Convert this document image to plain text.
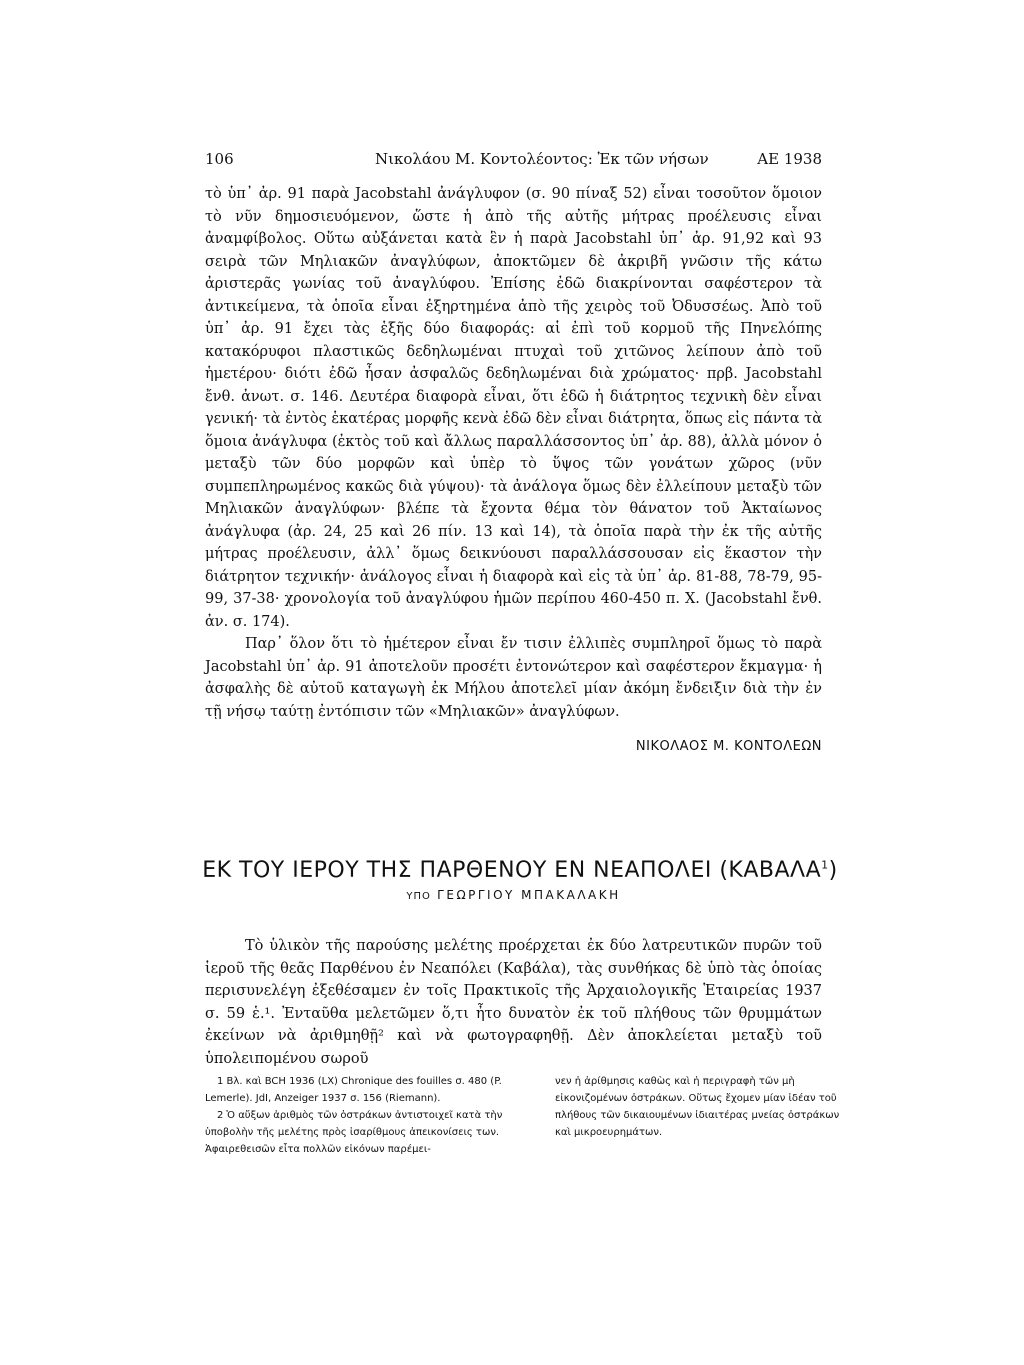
106	Νικολάου Μ. Κοντολέοντος: Ἐκ τῶν νήσων	ΑΕ 1938

τὸ ὑπ᾽ ἀρ. 91 παρὰ Jacobstahl ἀνάγλυφον (σ. 90 πίναξ 52) εἶναι τοσοῦτον ὅμοιον τὸ νῦν δημοσιευόμενον, ὥστε ἡ ἀπὸ τῆς αὐτῆς μήτρας προέλευσις εἶναι ἀναμφίβολος. Οὕτω αὐξάνεται κατὰ ἓν ἡ παρὰ Jacobstahl ὑπ᾽ ἀρ. 91,92 καὶ 93 σειρὰ τῶν Μηλιακῶν ἀναγλύφων, ἀποκτῶμεν δὲ ἀκριβῆ γνῶσιν τῆς κάτω ἀριστερᾶς γωνίας τοῦ ἀναγλύφου. Ἐπίσης ἐδῶ διακρίνονται σαφέστερον τὰ ἀντικείμενα, τὰ ὁποῖα εἶναι ἐξηρτημένα ἀπὸ τῆς χειρὸς τοῦ Ὀδυσσέως. Ἀπὸ τοῦ ὑπ᾽ ἀρ. 91 ἔχει τὰς ἑξῆς δύο διαφοράς: αἱ ἐπὶ τοῦ κορμοῦ τῆς Πηνελόπης κατακόρυφοι πλαστικῶς δεδηλωμέναι πτυχαὶ τοῦ χιτῶνος λείπουν ἀπὸ τοῦ ἡμετέρου· διότι ἐδῶ ἦσαν ἀσφαλῶς δεδηλωμέναι διὰ χρώματος· πρβ. Jacobstahl ἔνθ. ἀνωτ. σ. 146. Δευτέρα διαφορὰ εἶναι, ὅτι ἐδῶ ἡ διάτρητος τεχνικὴ δὲν εἶναι γενική· τὰ ἐντὸς ἑκατέρας μορφῆς κενὰ ἐδῶ δὲν εἶναι διάτρητα, ὅπως εἰς πάντα τὰ ὅμοια ἀνάγλυφα (ἐκτὸς τοῦ καὶ ἄλλως παραλλάσσοντος ὑπ᾽ ἀρ. 88), ἀλλὰ μόνον ὁ μεταξὺ τῶν δύο μορφῶν καὶ ὑπὲρ τὸ ὕψος τῶν γονάτων χῶρος (νῦν συμπεπληρωμένος κακῶς διὰ γύψου)· τὰ ἀνάλογα ὅμως δὲν ἐλλείπουν μεταξὺ τῶν Μηλιακῶν ἀναγλύφων· βλέπε τὰ ἔχοντα θέμα τὸν θάνατον τοῦ Ἀκταίωνος ἀνάγλυφα (ἀρ. 24, 25 καὶ 26 πίν. 13 καὶ 14), τὰ ὁποῖα παρὰ τὴν ἐκ τῆς αὐτῆς μήτρας προέλευσιν, ἀλλ᾽ ὅμως δεικνύουσι παραλλάσσουσαν εἰς ἕκαστον τὴν διάτρητον τεχνικήν· ἀνάλογος εἶναι ἡ διαφορὰ καὶ εἰς τὰ ὑπ᾽ ἀρ. 81-88, 78-79, 95-99, 37-38· χρονολογία τοῦ ἀναγλύφου ἡμῶν περίπου 460-450 π. Χ. (Jacobstahl ἔνθ. ἀν. σ. 174).

Παρ᾽ ὅλον ὅτι τὸ ἡμέτερον εἶναι ἔν τισιν ἐλλιπὲς συμπληροῖ ὅμως τὸ παρὰ Jacobstahl ὑπ᾽ ἀρ. 91 ἀποτελοῦν προσέτι ἐντονώτερον καὶ σαφέστερον ἔκμαγμα· ἡ ἀσφαλὴς δὲ αὐτοῦ καταγωγὴ ἐκ Μήλου ἀποτελεῖ μίαν ἀκόμη ἔνδειξιν διὰ τὴν ἐν τῇ νήσῳ ταύτῃ ἐντόπισιν τῶν «Μηλιακῶν» ἀναγλύφων.

ΝΙΚΟΛΑΟΣ Μ. ΚΟΝΤΟΛΕΩΝ
ΕΚ ΤΟΥ ΙΕΡΟΥ ΤΗΣ ΠΑΡΘΕΝΟΥ ΕΝ ΝΕΑΠΟΛΕΙ (ΚΑΒΑΛΑ$^1$)
ΥΠΟ ΓΕΩΡΓΙΟΥ ΜΠΑΚΑΛΑΚΗ

Τὸ ὑλικὸν τῆς παρούσης μελέτης προέρχεται ἐκ δύο λατρευτικῶν πυρῶν τοῦ ἱεροῦ τῆς θεᾶς Παρθένου ἐν Νεαπόλει (Καβάλα), τὰς συνθήκας δὲ ὑπὸ τὰς ὁποίας περισυνελέγη ἐξεθέσαμεν ἐν τοῖς Πρακτικοῖς τῆς Ἀρχαιολογικῆς Ἑταιρείας 1937 σ. 59 ἑ.¹. Ἐνταῦθα μελετῶμεν ὅ,τι ἦτο δυνατὸν ἐκ τοῦ πλήθους τῶν θρυμμάτων ἐκείνων νὰ ἀριθμηθῇ² καὶ νὰ φωτογραφηθῇ. Δὲν ἀποκλείεται μεταξὺ τοῦ ὑπολειπομένου σωροῦ

1 Βλ. καὶ BCH 1936 (LX) Chronique des fouilles σ. 480 (P. Lemerle). JdI, Anzeiger 1937 σ. 156 (Riemann).

2 Ὁ αὔξων ἀριθμὸς τῶν ὀστράκων ἀντιστοιχεῖ κατὰ τὴν ὑποβολὴν τῆς μελέτης πρὸς ἰσαρίθμους ἀπεικονίσεις των. Ἀφαιρεθεισῶν εἶτα πολλῶν εἰκόνων παρέμει-

νεν ἡ ἀρίθμησις καθὼς καὶ ἡ περιγραφὴ τῶν μὴ εἰκονιζομένων ὀστράκων. Οὕτως ἔχομεν μίαν ἰδέαν τοῦ πλήθους τῶν δικαιουμένων ἰδιαιτέρας μνείας ὀστράκων καὶ μικροευρημάτων.
